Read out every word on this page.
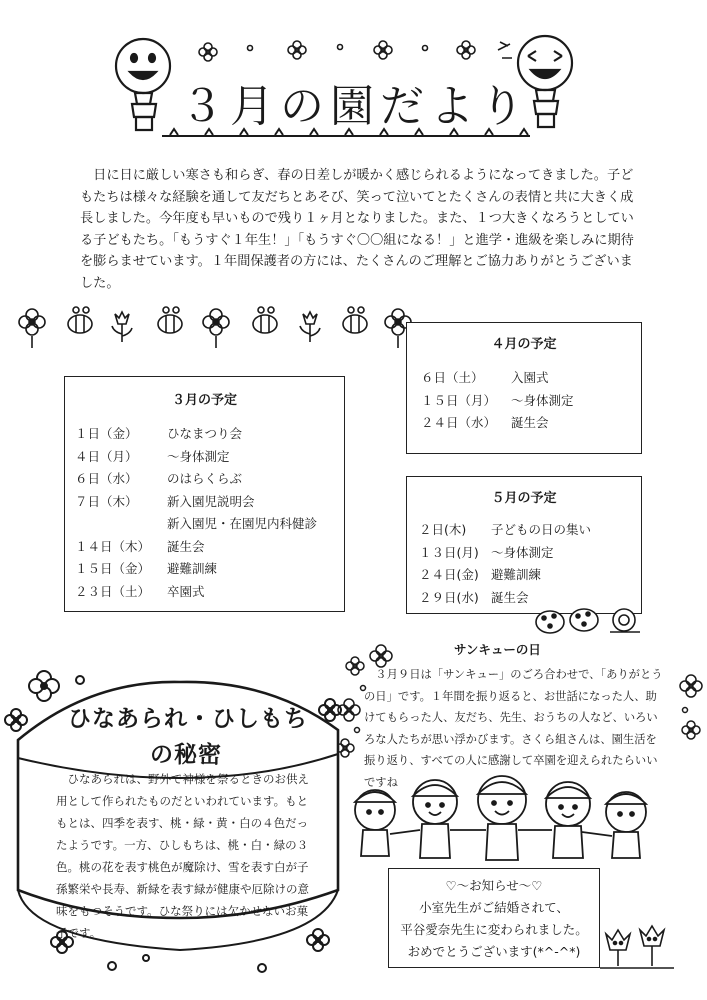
３月の園だより

　日に日に厳しい寒さも和らぎ、春の日差しが暖かく感じられるようになってきました。子どもたちは様々な経験を通して友だちとあそび、笑って泣いてとたくさんの表情と共に大きく成長しました。今年度も早いもので残り１ヶ月となりました。また、１つ大きくなろうとしている子どもたち。「もうすぐ１年生！」「もうすぐ〇〇組になる！」と進学・進級を楽しみに期待を膨らませています。１年間保護者の方には、たくさんのご理解とご協力ありがとうございました。

３月の予定
１日（金） ひなまつり会
４日（月） ～身体測定
６日（水） のはらくらぶ
７日（木） 新入園児説明会
新入園児・在園児内科健診
１４日（木） 誕生会
１５日（金） 避難訓練
２３日（土） 卒園式
４月の予定
６日（土） 入園式
１５日（月） ～身体測定
２４日（水） 誕生会
５月の予定
２日(木) 子どもの日の集い
１３日(月) ～身体測定
２４日(金) 避難訓練
２９日(水) 誕生会
サンキューの日
　３月９日は「サンキュー」のごろ合わせで、「ありがとうの日」です。１年間を振り返ると、お世話になった人、助けてもらった人、友だち、先生、おうちの人など、いろいろな人たちが思い浮かびます。さくら組さんは、園生活を振り返り、すべての人に感謝して卒園を迎えられたらいいですね
♡～お知らせ～♡
小室先生がご結婚されて、
平谷愛奈先生に変わられました。
おめでとうございます(*^-^*)
ひなあられ・ひしもち
の秘密
　ひなあられは、野外で神様を祭るときのお供え用として作られたものだといわれています。もともとは、四季を表す、桃・緑・黄・白の４色だったようです。一方、ひしもちは、桃・白・緑の３色。桃の花を表す桃色が魔除け、雪を表す白が子孫繁栄や長寿、新緑を表す緑が健康や厄除けの意味をもつそうです。ひな祭りには欠かせないお菓子です。
